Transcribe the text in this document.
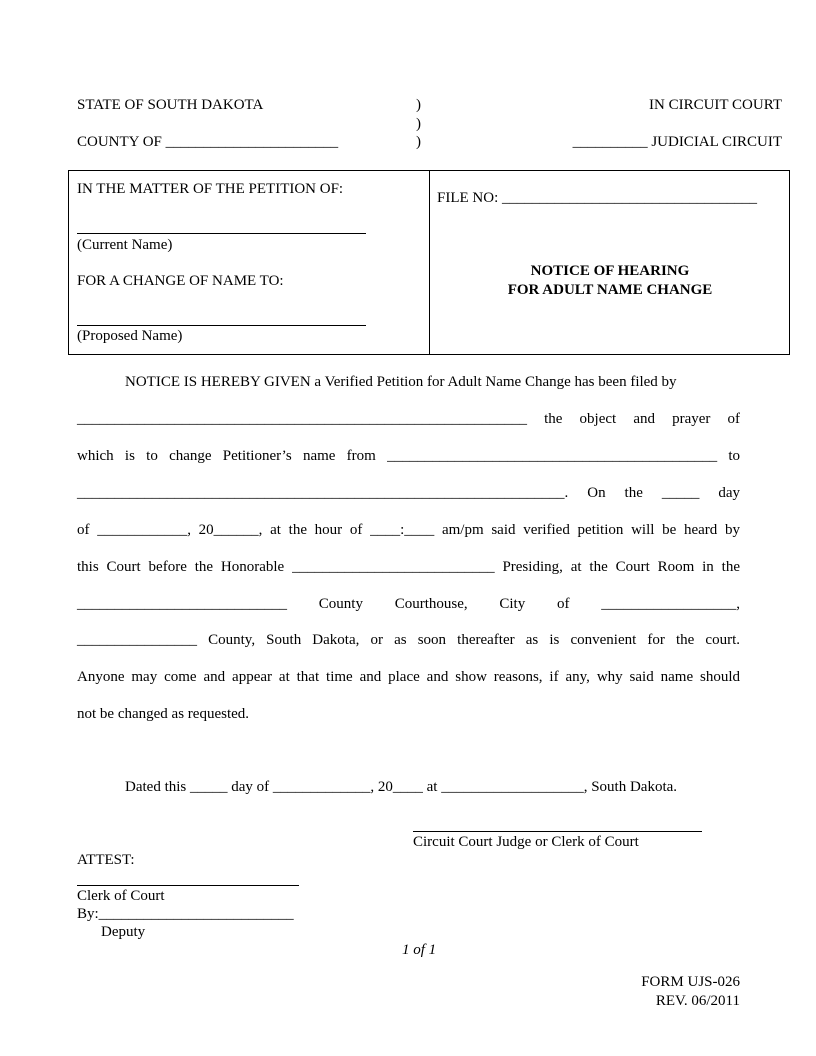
STATE OF SOUTH DAKOTA
COUNTY OF _______________________
)
)
)
IN CIRCUIT COURT
__________ JUDICIAL CIRCUIT
IN THE MATTER OF THE PETITION OF:
(Current Name)
FOR A CHANGE OF NAME TO:
(Proposed Name)
FILE NO: __________________________________
NOTICE OF HEARING
FOR ADULT NAME CHANGE
NOTICE IS HEREBY GIVEN a Verified Petition for Adult Name Change has been filed by
____________________________________________________________ the object and prayer of
which is to change Petitioner’s name from ____________________________________________ to
_________________________________________________________________. On the _____ day
of ____________, 20______, at the hour of ____:____ am/pm said verified petition will be heard by
this Court before the Honorable ___________________________ Presiding, at the Court Room in the
____________________________ County Courthouse, City of __________________,
________________ County, South Dakota, or as soon thereafter as is convenient for the court.
Anyone may come and appear at that time and place and show reasons, if any, why said name should
not be changed as requested.
Dated this _____ day of _____________, 20____ at ___________________, South Dakota.
Circuit Court Judge or Clerk of Court
ATTEST:
Clerk of Court
By:__________________________
Deputy
1 of 1
FORM UJS-026
REV. 06/2011
